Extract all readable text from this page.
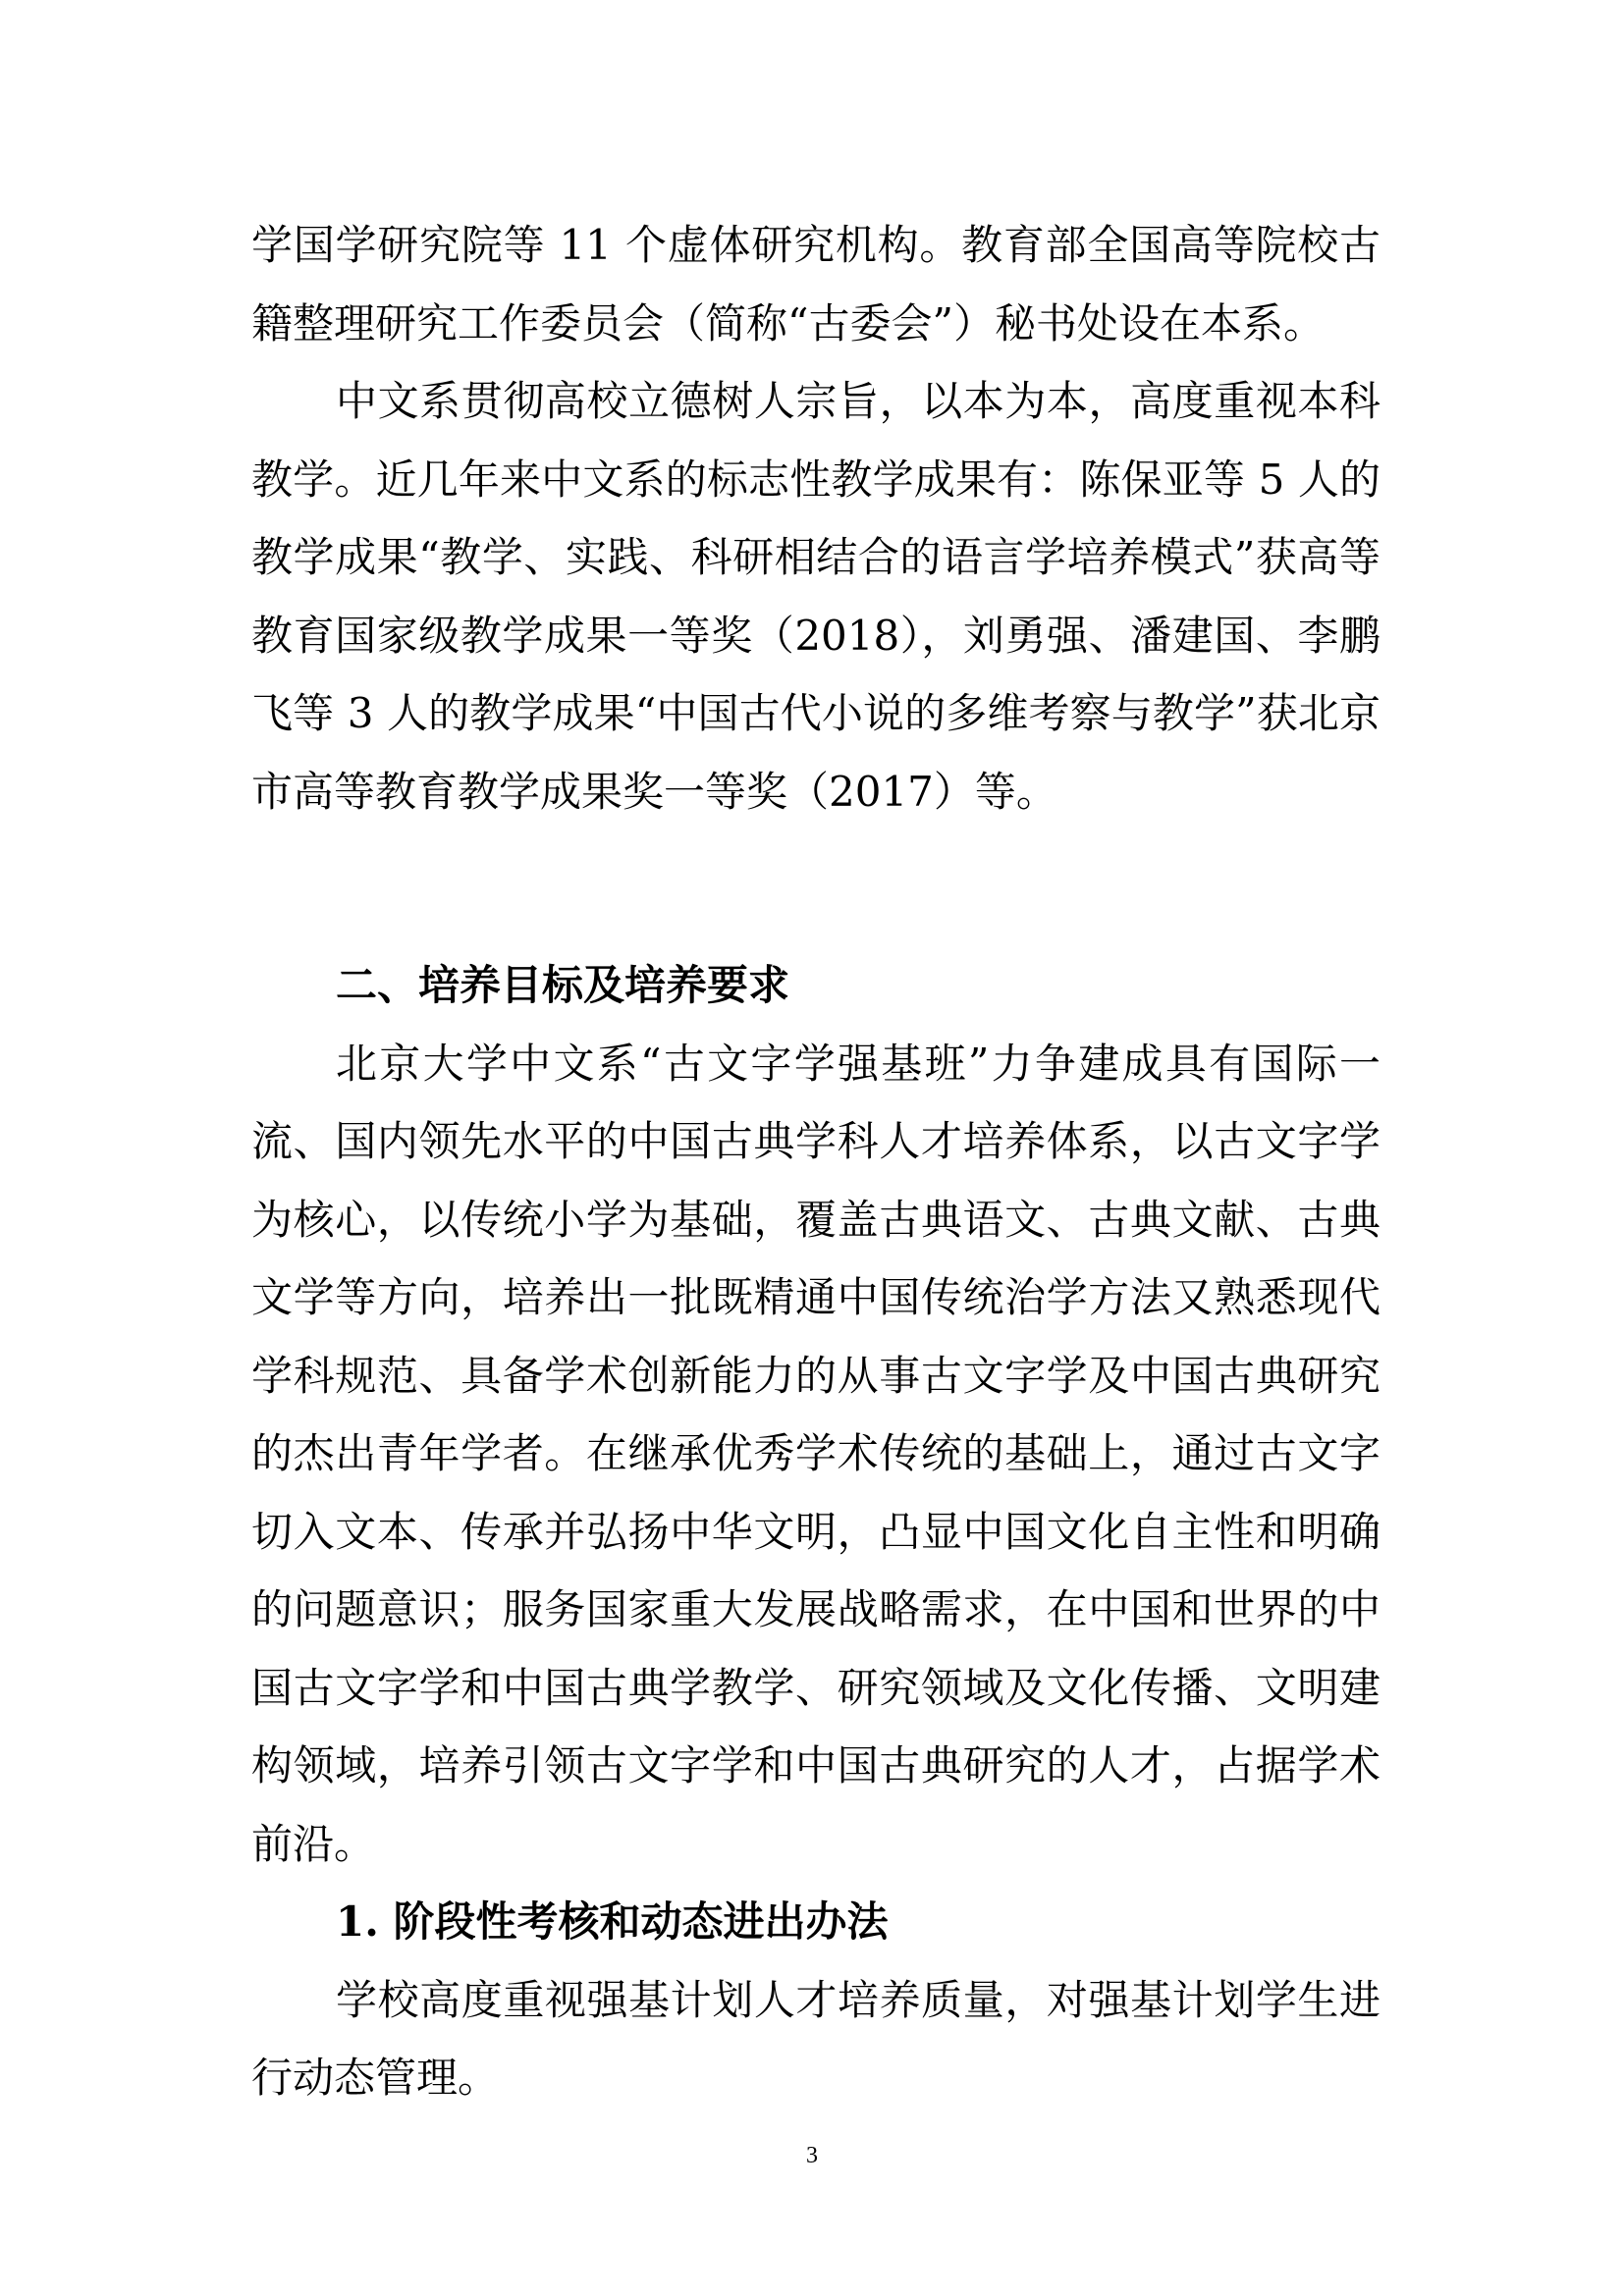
学国学研究院等 11 个虚体研究机构。教育部全国高等院校古籍整理研究工作委员会（简称“古委会”）秘书处设在本系。

中文系贯彻高校立德树人宗旨，以本为本，高度重视本科教学。近几年来中文系的标志性教学成果有：陈保亚等 5 人的教学成果“教学、实践、科研相结合的语言学培养模式”获高等教育国家级教学成果一等奖（2018），刘勇强、潘建国、李鹏飞等 3 人的教学成果“中国古代小说的多维考察与教学”获北京市高等教育教学成果奖一等奖（2017）等。

二、培养目标及培养要求

北京大学中文系“古文字学强基班”力争建成具有国际一流、国内领先水平的中国古典学科人才培养体系，以古文字学为核心，以传统小学为基础，覆盖古典语文、古典文献、古典文学等方向，培养出一批既精通中国传统治学方法又熟悉现代学科规范、具备学术创新能力的从事古文字学及中国古典研究的杰出青年学者。在继承优秀学术传统的基础上，通过古文字切入文本、传承并弘扬中华文明，凸显中国文化自主性和明确的问题意识；服务国家重大发展战略需求，在中国和世界的中国古文字学和中国古典学教学、研究领域及文化传播、文明建构领域，培养引领古文字学和中国古典研究的人才，占据学术前沿。

1. 阶段性考核和动态进出办法

学校高度重视强基计划人才培养质量，对强基计划学生进行动态管理。

3
